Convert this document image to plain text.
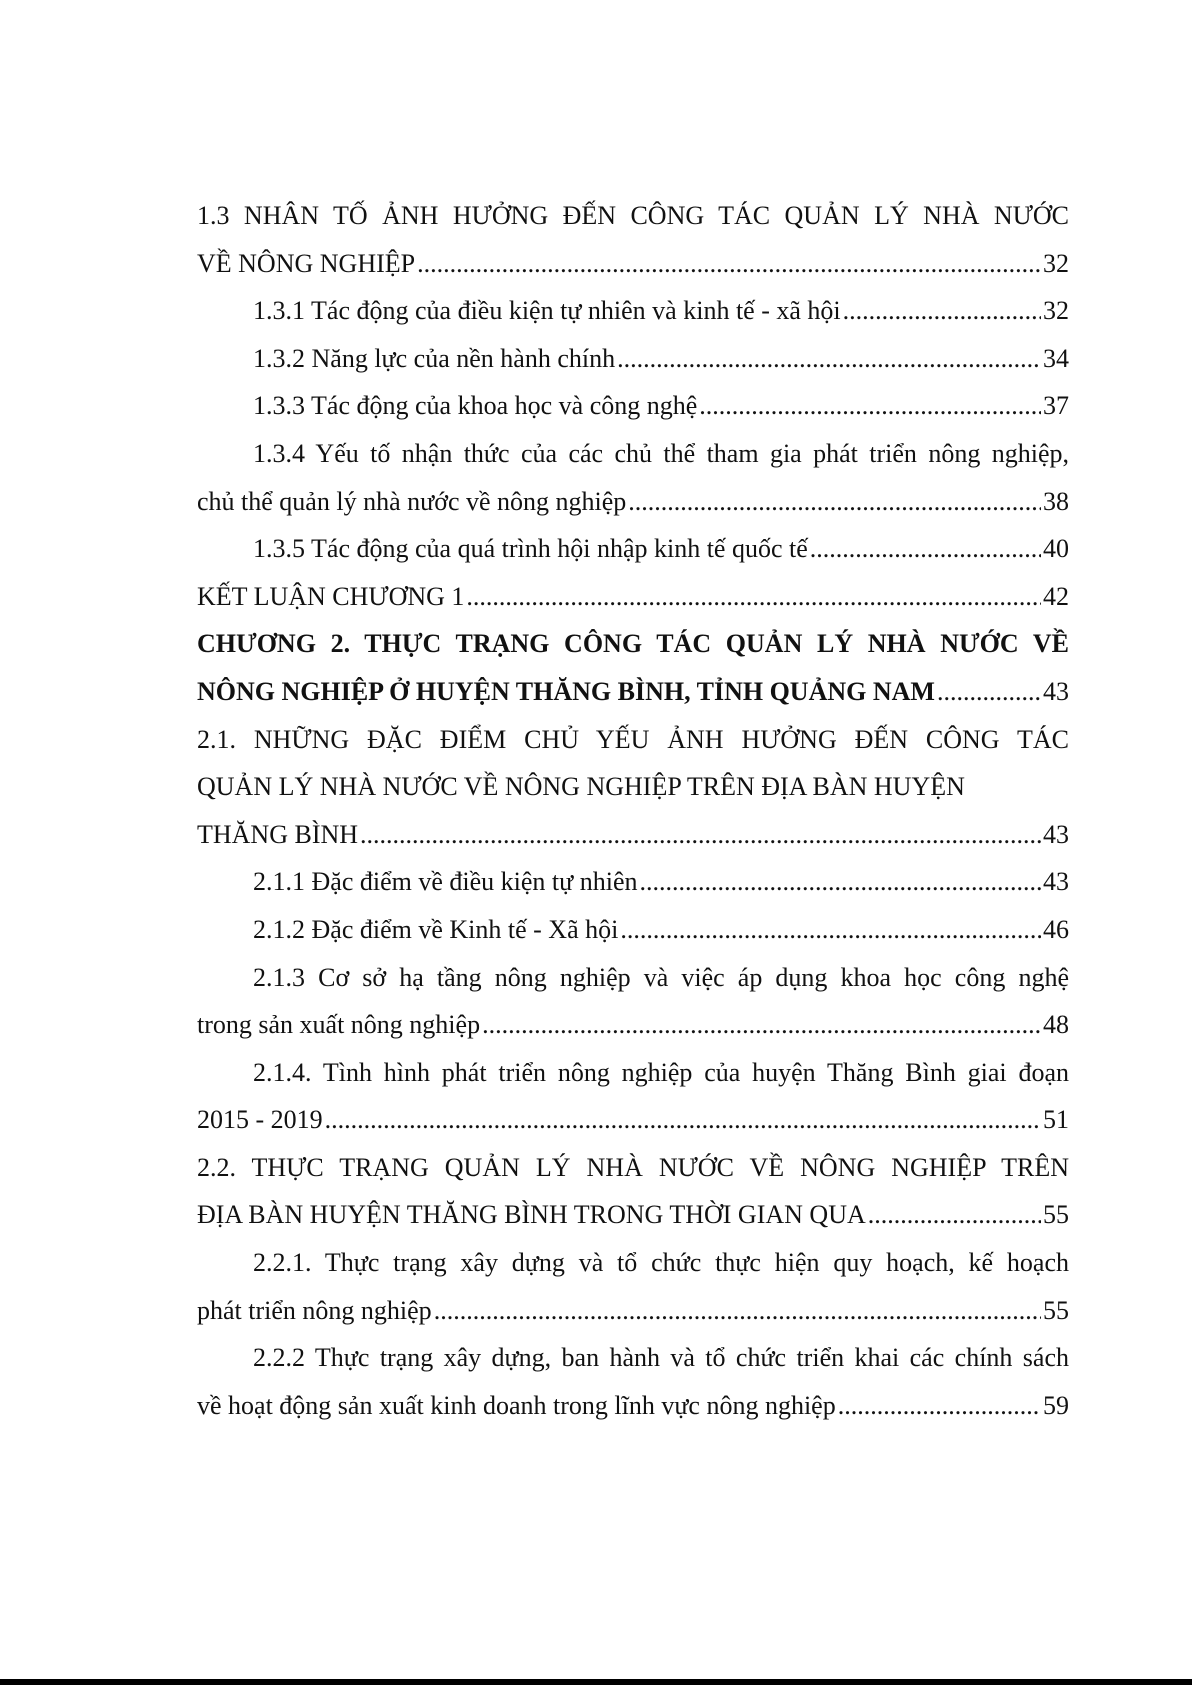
1.3 NHÂN TỐ ẢNH HƯỞNG ĐẾN CÔNG TÁC QUẢN LÝ NHÀ NƯỚC
VỀ NÔNG NGHIỆP .....	32
1.3.1 Tác động của điều kiện tự nhiên và kinh tế - xã hội .....	32
1.3.2 Năng lực của nền hành chính .....	34
1.3.3 Tác động của khoa học và công nghệ .....	37
1.3.4 Yếu tố nhận thức của các chủ thể tham gia phát triển nông nghiệp,
chủ thể quản lý nhà nước về nông nghiệp .....	38
1.3.5 Tác động của quá trình hội nhập kinh tế quốc tế .....	40
KẾT LUẬN CHƯƠNG 1 .....	42
CHƯƠNG 2. THỰC TRẠNG CÔNG TÁC QUẢN LÝ NHÀ NƯỚC VỀ
NÔNG NGHIỆP Ở HUYỆN THĂNG BÌNH, TỈNH QUẢNG NAM .....	43
2.1. NHỮNG ĐẶC ĐIỂM CHỦ YẾU ẢNH HƯỞNG ĐẾN CÔNG TÁC
QUẢN LÝ NHÀ NƯỚC VỀ NÔNG NGHIỆP TRÊN ĐỊA BÀN HUYỆN
THĂNG BÌNH .....	43
2.1.1 Đặc điểm về điều kiện tự nhiên .....	43
2.1.2 Đặc điểm về Kinh tế - Xã hội .....	46
2.1.3 Cơ sở hạ tầng nông nghiệp và việc áp dụng khoa học công nghệ
trong sản xuất nông nghiệp .....	48
2.1.4. Tình hình phát triển nông nghiệp của huyện Thăng Bình giai đoạn
2015 - 2019 .....	51
2.2. THỰC TRẠNG QUẢN LÝ NHÀ NƯỚC VỀ NÔNG NGHIỆP TRÊN
ĐỊA BÀN HUYỆN THĂNG BÌNH TRONG THỜI GIAN QUA .....	55
2.2.1. Thực trạng xây dựng và tổ chức thực hiện quy hoạch, kế hoạch
phát triển nông nghiệp .....	55
2.2.2 Thực trạng xây dựng, ban hành và tổ chức triển khai các chính sách
về hoạt động sản xuất kinh doanh trong lĩnh vực nông nghiệp .....	59
